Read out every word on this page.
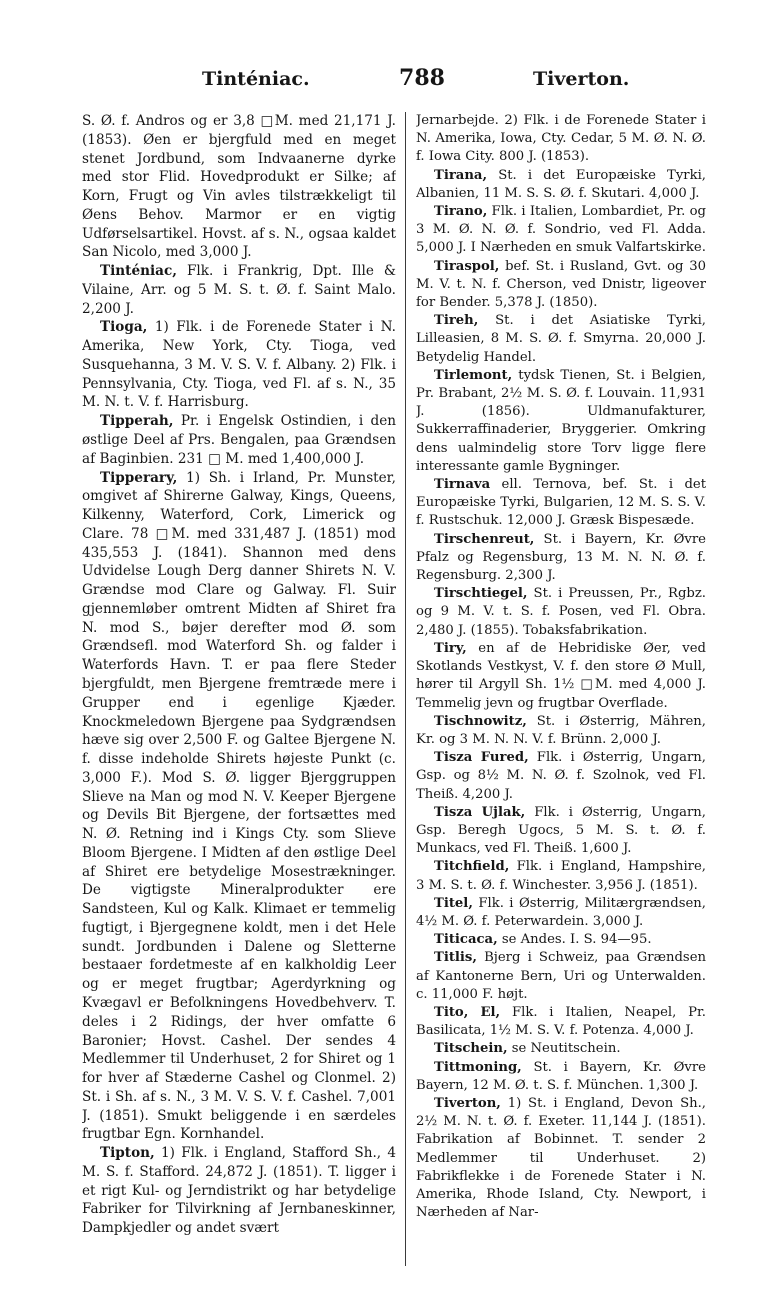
Tinténiac.	788	Tiverton.

S. Ø. f. Andros og er 3,8 □M. med 21,171 J. (1853). Øen er bjergfuld med en meget stenet Jordbund, som Indvaanerne dyrke med stor Flid. Hovedprodukt er Silke; af Korn, Frugt og Vin avles tilstrækkeligt til Øens Behov. Marmor er en vigtig Udførselsartikel. Hovst. af s. N., ogsaa kaldet San Nicolo, med 3,000 J.

Tinténiac, Flk. i Frankrig, Dpt. Ille & Vilaine, Arr. og 5 M. S. t. Ø. f. Saint Malo. 2,200 J.

Tioga, 1) Flk. i de Forenede Stater i N. Amerika, New York, Cty. Tioga, ved Susquehanna, 3 M. V. S. V. f. Albany. 2) Flk. i Pennsylvania, Cty. Tioga, ved Fl. af s. N., 35 M. N. t. V. f. Harrisburg.

Tipperah, Pr. i Engelsk Ostindien, i den østlige Deel af Prs. Bengalen, paa Grændsen af Baginbien. 231 □ M. med 1,400,000 J.

Tipperary, 1) Sh. i Irland, Pr. Munster, omgivet af Shirerne Galway, Kings, Queens, Kilkenny, Waterford, Cork, Limerick og Clare. 78 □M. med 331,487 J. (1851) mod 435,553 J. (1841). Shannon med dens Udvidelse Lough Derg danner Shirets N. V. Grændse mod Clare og Galway. Fl. Suir gjennemløber omtrent Midten af Shiret fra N. mod S., bøjer derefter mod Ø. som Grændsefl. mod Waterford Sh. og falder i Waterfords Havn. T. er paa flere Steder bjergfuldt, men Bjergene fremtræde mere i Grupper end i egenlige Kjæder. Knockmeledown Bjergene paa Sydgrændsen hæve sig over 2,500 F. og Galtee Bjergene N. f. disse indeholde Shirets højeste Punkt (c. 3,000 F.). Mod S. Ø. ligger Bjerggruppen Slieve na Man og mod N. V. Keeper Bjergene og Devils Bit Bjergene, der fortsættes med N. Ø. Retning ind i Kings Cty. som Slieve Bloom Bjergene. I Midten af den østlige Deel af Shiret ere betydelige Mosestrækninger. De vigtigste Mineralprodukter ere Sandsteen, Kul og Kalk. Klimaet er temmelig fugtigt, i Bjergegnene koldt, men i det Hele sundt. Jordbunden i Dalene og Sletterne bestaaer fordetmeste af en kalkholdig Leer og er meget frugtbar; Agerdyrkning og Kvægavl er Befolkningens Hovedbehverv. T. deles i 2 Ridings, der hver omfatte 6 Baronier; Hovst. Cashel. Der sendes 4 Medlemmer til Underhuset, 2 for Shiret og 1 for hver af Stæderne Cashel og Clonmel. 2) St. i Sh. af s. N., 3 M. V. S. V. f. Cashel. 7,001 J. (1851). Smukt beliggende i en særdeles frugtbar Egn. Kornhandel.

Tipton, 1) Flk. i England, Stafford Sh., 4 M. S. f. Stafford. 24,872 J. (1851). T. ligger i et rigt Kul- og Jerndistrikt og har betydelige Fabriker for Tilvirkning af Jernbaneskinner, Dampkjedler og andet svært

Jernarbejde. 2) Flk. i de Forenede Stater i N. Amerika, Iowa, Cty. Cedar, 5 M. Ø. N. Ø. f. Iowa City. 800 J. (1853).

Tirana, St. i det Europæiske Tyrki, Albanien, 11 M. S. S. Ø. f. Skutari. 4,000 J.

Tirano, Flk. i Italien, Lombardiet, Pr. og 3 M. Ø. N. Ø. f. Sondrio, ved Fl. Adda. 5,000 J. I Nærheden en smuk Valfartskirke.

Tiraspol, bef. St. i Rusland, Gvt. og 30 M. V. t. N. f. Cherson, ved Dnistr, ligeover for Bender. 5,378 J. (1850).

Tireh, St. i det Asiatiske Tyrki, Lilleasien, 8 M. S. Ø. f. Smyrna. 20,000 J. Betydelig Handel.

Tirlemont, tydsk Tienen, St. i Belgien, Pr. Brabant, 2½ M. S. Ø. f. Louvain. 11,931 J. (1856). Uldmanufakturer, Sukkerraffinaderier, Bryggerier. Omkring dens ualmindelig store Torv ligge flere interessante gamle Bygninger.

Tirnava ell. Ternova, bef. St. i det Europæiske Tyrki, Bulgarien, 12 M. S. S. V. f. Rustschuk. 12,000 J. Græsk Bispesæde.

Tirschenreut, St. i Bayern, Kr. Øvre Pfalz og Regensburg, 13 M. N. N. Ø. f. Regensburg. 2,300 J.

Tirschtiegel, St. i Preussen, Pr., Rgbz. og 9 M. V. t. S. f. Posen, ved Fl. Obra. 2,480 J. (1855). Tobaksfabrikation.

Tiry, en af de Hebridiske Øer, ved Skotlands Vestkyst, V. f. den store Ø Mull, hører til Argyll Sh. 1½ □M. med 4,000 J. Temmelig jevn og frugtbar Overflade.

Tischnowitz, St. i Østerrig, Mähren, Kr. og 3 M. N. N. V. f. Brünn. 2,000 J.

Tisza Fured, Flk. i Østerrig, Ungarn, Gsp. og 8½ M. N. Ø. f. Szolnok, ved Fl. Theiß. 4,200 J.

Tisza Ujlak, Flk. i Østerrig, Ungarn, Gsp. Beregh Ugocs, 5 M. S. t. Ø. f. Munkacs, ved Fl. Theiß. 1,600 J.

Titchfield, Flk. i England, Hampshire, 3 M. S. t. Ø. f. Winchester. 3,956 J. (1851).

Titel, Flk. i Østerrig, Militærgrændsen, 4½ M. Ø. f. Peterwardein. 3,000 J.

Titicaca, se Andes. I. S. 94—95.

Titlis, Bjerg i Schweiz, paa Grændsen af Kantonerne Bern, Uri og Unterwalden. c. 11,000 F. højt.

Tito, El, Flk. i Italien, Neapel, Pr. Basilicata, 1½ M. S. V. f. Potenza. 4,000 J.

Titschein, se Neutitschein.

Tittmoning, St. i Bayern, Kr. Øvre Bayern, 12 M. Ø. t. S. f. München. 1,300 J.

Tiverton, 1) St. i England, Devon Sh., 2½ M. N. t. Ø. f. Exeter. 11,144 J. (1851). Fabrikation af Bobinnet. T. sender 2 Medlemmer til Underhuset. 2) Fabrikflekke i de Forenede Stater i N. Amerika, Rhode Island, Cty. Newport, i Nærheden af Nar-
